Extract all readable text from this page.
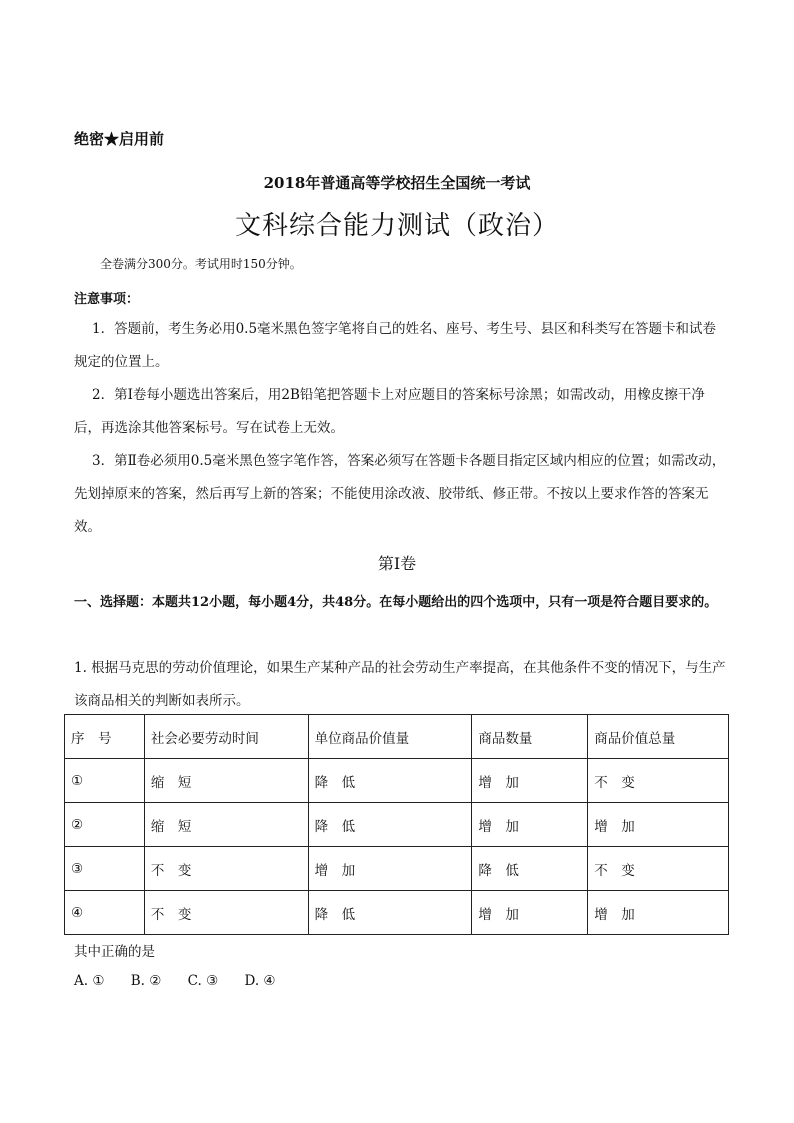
绝密★启用前
2018年普通高等学校招生全国统一考试
文科综合能力测试（政治）
全卷满分300分。考试用时150分钟。
注意事项：

1．答题前，考生务必用0.5毫米黑色签字笔将自己的姓名、座号、考生号、县区和科类写在答题卡和试卷规定的位置上。

2．第Ⅰ卷每小题选出答案后，用2B铅笔把答题卡上对应题目的答案标号涂黑；如需改动，用橡皮擦干净后，再选涂其他答案标号。写在试卷上无效。

3．第Ⅱ卷必须用0.5毫米黑色签字笔作答，答案必须写在答题卡各题目指定区域内相应的位置；如需改动，先划掉原来的答案，然后再写上新的答案；不能使用涂改液、胶带纸、修正带。不按以上要求作答的答案无效。

第Ⅰ卷

一、选择题：本题共12小题，每小题4分，共48分。在每小题给出的四个选项中，只有一项是符合题目要求的。

1. 根据马克思的劳动价值理论，如果生产某种产品的社会劳动生产率提高，在其他条件不变的情况下，与生产该商品相关的判断如表所示。

序　号	社会必要劳动时间	单位商品价值量	商品数量	商品价值总量
①	缩　短	降　低	增　加	不　变
②	缩　短	降　低	增　加	增　加
③	不　变	增　加	降　低	不　变
④	不　变	降　低	增　加	增　加
其中正确的是
A. ① B. ② C. ③ D. ④
